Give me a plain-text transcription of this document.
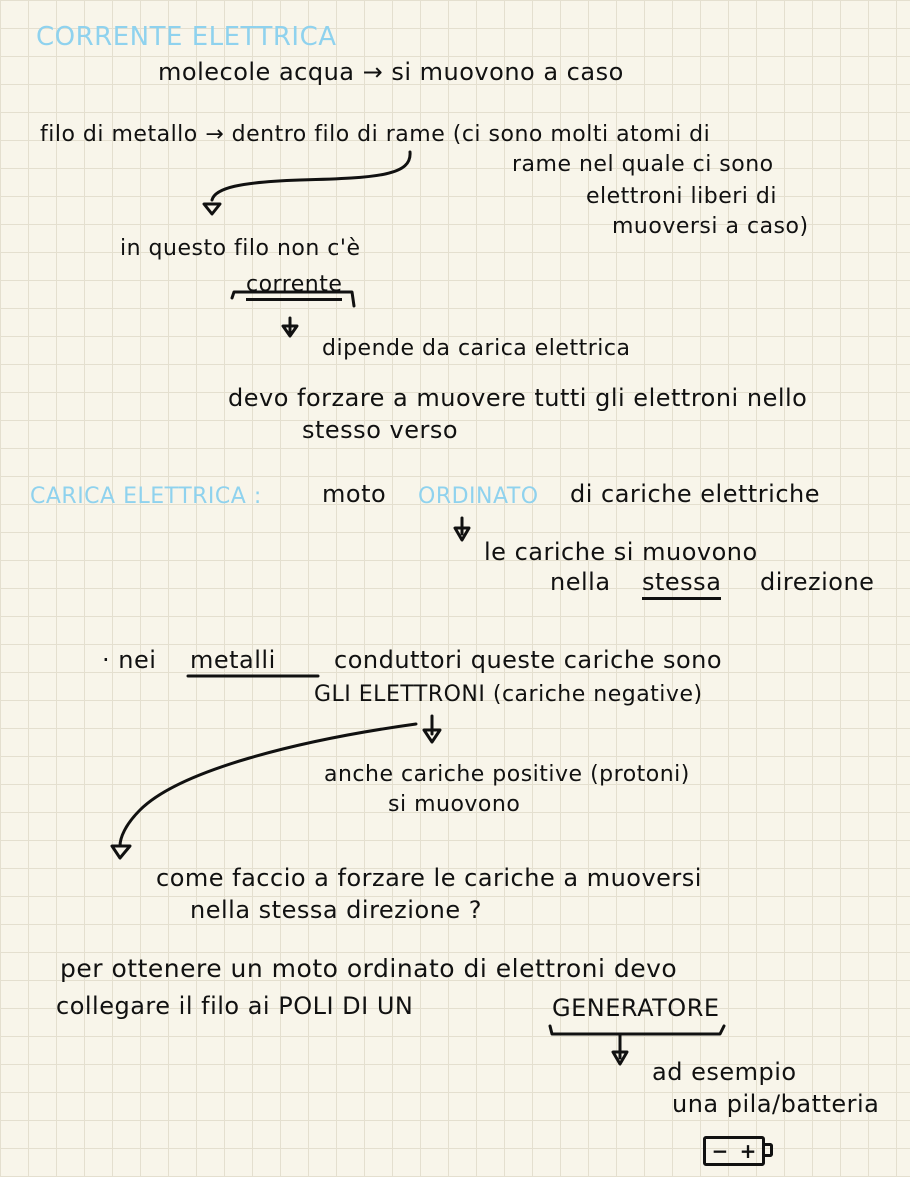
CORRENTE ELETTRICA
molecole acqua → si muovono a caso
filo di metallo → dentro filo di rame (ci sono molti atomi di
rame nel quale ci sono
elettroni liberi di
muoversi a caso)
in questo filo non c'è
corrente
dipende da carica elettrica
devo forzare a muovere tutti gli elettroni nello
stesso verso
CARICA ELETTRICA :	moto ORDINATO di cariche elettriche
le cariche si muovono
nella stessa direzione
· nei metalli conduttori queste cariche sono
GLI ELETTRONI (cariche negative)
anche cariche positive (protoni)
si muovono
come faccio a forzare le cariche a muoversi
nella stessa direzione ?
per ottenere un moto ordinato di elettroni devo
collegare il filo ai POLI DI UN	GENERATORE
ad esempio
una pila/batteria
− +
